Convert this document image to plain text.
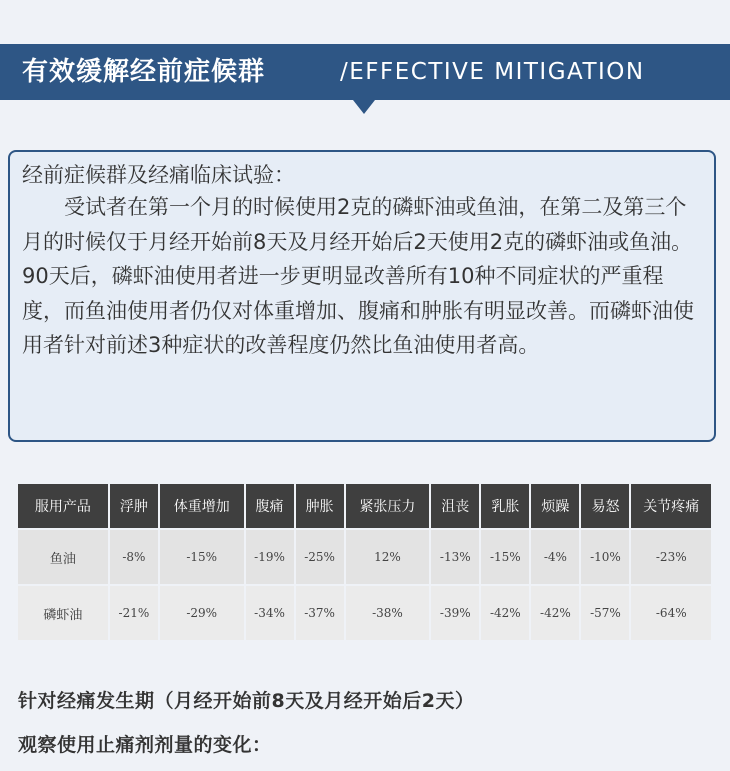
有效缓解经前症候群	/EFFECTIVE MITIGATION
经前症候群及经痛临床试验：

受试者在第一个月的时候使用2克的磷虾油或鱼油，在第二及第三个月的时候仅于月经开始前8天及月经开始后2天使用2克的磷虾油或鱼油。90天后，磷虾油使用者进一步更明显改善所有10种不同症状的严重程度，而鱼油使用者仍仅对体重增加、腹痛和肿胀有明显改善。而磷虾油使用者针对前述3种症状的改善程度仍然比鱼油使用者高。

服用产品	浮肿	体重增加	腹痛	肿胀	紧张压力	沮丧	乳胀	烦躁	易怒	关节疼痛
鱼油	-8%	-15%	-19%	-25%	12%	-13%	-15%	-4%	-10%	-23%
磷虾油	-21%	-29%	-34%	-37%	-38%	-39%	-42%	-42%	-57%	-64%
针对经痛发生期（月经开始前8天及月经开始后2天）
观察使用止痛剂剂量的变化：
